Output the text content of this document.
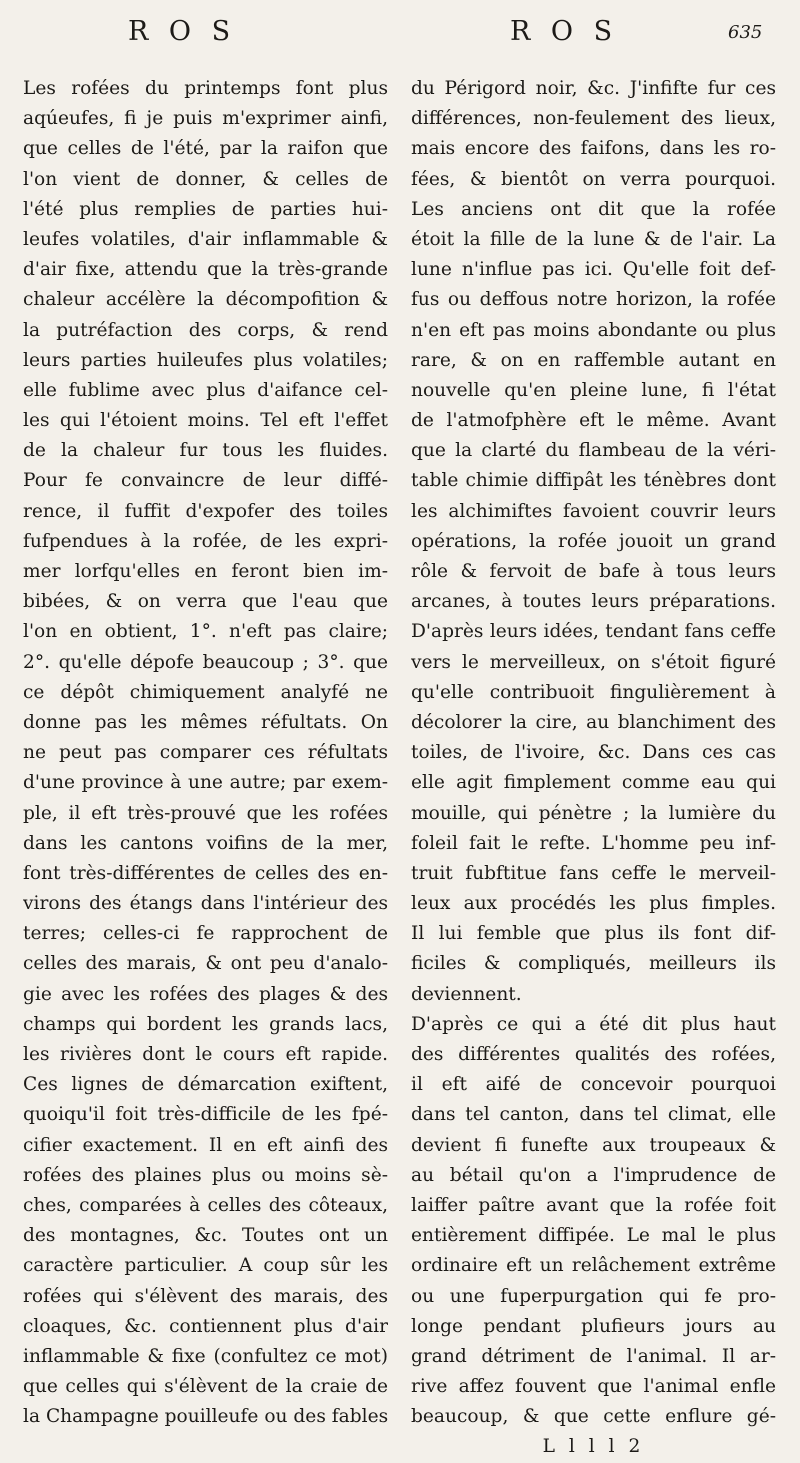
R O S	R O S	635
Les rofées du printemps font plus
aqúeufes, fi je puis m'exprimer ainfi,
que celles de l'été, par la raifon que
l'on vient de donner, & celles de
l'été plus remplies de parties hui-
leufes volatiles, d'air inflammable &
d'air fixe, attendu que la très-grande
chaleur accélère la décompofition &
la putréfaction des corps, & rend
leurs parties huileufes plus volatiles;
elle fublime avec plus d'aifance cel-
les qui l'étoient moins. Tel eft l'effet
de la chaleur fur tous les fluides.
Pour fe convaincre de leur diffé-
rence, il fuffit d'expofer des toiles
fufpendues à la rofée, de les expri-
mer lorfqu'elles en feront bien im-
bibées, & on verra que l'eau que
l'on en obtient, 1°. n'eft pas claire;
2°. qu'elle dépofe beaucoup ; 3°. que
ce dépôt chimiquement analyfé ne
donne pas les mêmes réfultats. On
ne peut pas comparer ces réfultats
d'une province à une autre; par exem-
ple, il eft très-prouvé que les rofées
dans les cantons voifins de la mer,
font très-différentes de celles des en-
virons des étangs dans l'intérieur des
terres; celles-ci fe rapprochent de
celles des marais, & ont peu d'analo-
gie avec les rofées des plages & des
champs qui bordent les grands lacs,
les rivières dont le cours eft rapide.
Ces lignes de démarcation exiftent,
quoiqu'il foit très-difficile de les fpé-
cifier exactement. Il en eft ainfi des
rofées des plaines plus ou moins sè-
ches, comparées à celles des côteaux,
des montagnes, &c. Toutes ont un
caractère particulier. A coup sûr les
rofées qui s'élèvent des marais, des
cloaques, &c. contiennent plus d'air
inflammable & fixe (confultez ce mot)
que celles qui s'élèvent de la craie de
la Champagne pouilleufe ou des fables
du Périgord noir, &c. J'infifte fur ces
différences, non-feulement des lieux,
mais encore des faifons, dans les ro-
fées, & bientôt on verra pourquoi.
Les anciens ont dit que la rofée
étoit la fille de la lune & de l'air. La
lune n'influe pas ici. Qu'elle foit def-
fus ou deffous notre horizon, la rofée
n'en eft pas moins abondante ou plus
rare, & on en raffemble autant en
nouvelle qu'en pleine lune, fi l'état
de l'atmofphère eft le même. Avant
que la clarté du flambeau de la véri-
table chimie diffipât les ténèbres dont
les alchimiftes favoient couvrir leurs
opérations, la rofée jouoit un grand
rôle & fervoit de bafe à tous leurs
arcanes, à toutes leurs préparations.
D'après leurs idées, tendant fans ceffe
vers le merveilleux, on s'étoit figuré
qu'elle contribuoit fingulièrement à
décolorer la cire, au blanchiment des
toiles, de l'ivoire, &c. Dans ces cas
elle agit fimplement comme eau qui
mouille, qui pénètre ; la lumière du
foleil fait le refte. L'homme peu inf-
truit fubftitue fans ceffe le merveil-
leux aux procédés les plus fimples.
Il lui femble que plus ils font dif-
ficiles & compliqués, meilleurs ils
deviennent.
D'après ce qui a été dit plus haut
des différentes qualités des rofées,
il eft aifé de concevoir pourquoi
dans tel canton, dans tel climat, elle
devient fi funefte aux troupeaux &
au bétail qu'on a l'imprudence de
laiffer paître avant que la rofée foit
entièrement diffipée. Le mal le plus
ordinaire eft un relâchement extrême
ou une fuperpurgation qui fe pro-
longe pendant plufieurs jours au
grand détriment de l'animal. Il ar-
rive affez fouvent que l'animal enfle
beaucoup, & que cette enflure gé-
L l l l 2
